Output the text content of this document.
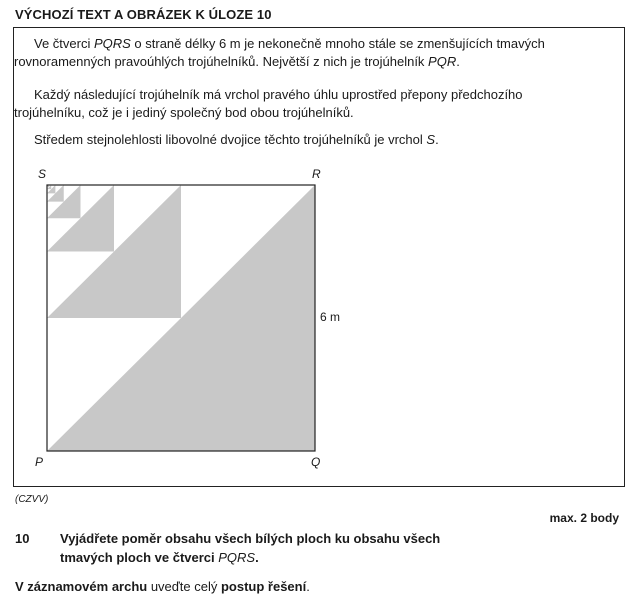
VÝCHOZÍ TEXT A OBRÁZEK K ÚLOZE 10
Ve čtverci PQRS o straně délky 6 m je nekonečně mnoho stále se zmenšujících tmavých
rovnoramenných pravoúhlých trojúhelníků. Největší z nich je trojúhelník PQR.
Každý následující trojúhelník má vrchol pravého úhlu uprostřed přepony předchozího
trojúhelníku, což je i jediný společný bod obou trojúhelníků.
Středem stejnolehlosti libovolné dvojice těchto trojúhelníků je vrchol S.
S	R
P	Q
6 m
(CZVV)
max. 2 body
10 Vyjádřete poměr obsahu všech bílých ploch ku obsahu všech
tmavých ploch ve čtverci PQRS.
V záznamovém archu uveďte celý postup řešení.
